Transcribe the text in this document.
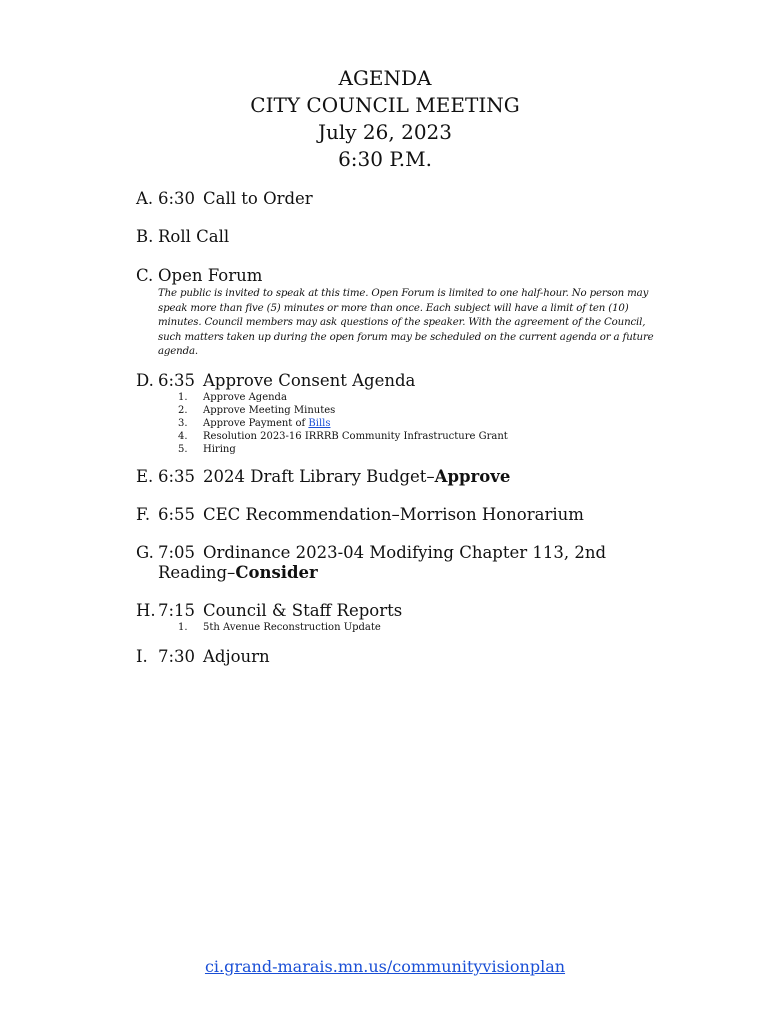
AGENDA
CITY COUNCIL MEETING
July 26, 2023
6:30 P.M.
A. 6:30 Call to Order
B. Roll Call
C. Open Forum
The public is invited to speak at this time. Open Forum is limited to one half-hour. No person may speak more than five (5) minutes or more than once. Each subject will have a limit of ten (10) minutes. Council members may ask questions of the speaker. With the agreement of the Council, such matters taken up during the open forum may be scheduled on the current agenda or a future agenda.
D. 6:35 Approve Consent Agenda
1. Approve Agenda
2. Approve Meeting Minutes
3. Approve Payment of Bills
4. Resolution 2023-16 IRRRB Community Infrastructure Grant
5. Hiring
E. 6:35 2024 Draft Library Budget–Approve
F. 6:55 CEC Recommendation–Morrison Honorarium
G. 7:05 Ordinance 2023-04 Modifying Chapter 113, 2nd
Reading–Consider
H. 7:15 Council & Staff Reports
1. 5th Avenue Reconstruction Update
I. 7:30 Adjourn
ci.grand-marais.mn.us/communityvisionplan
